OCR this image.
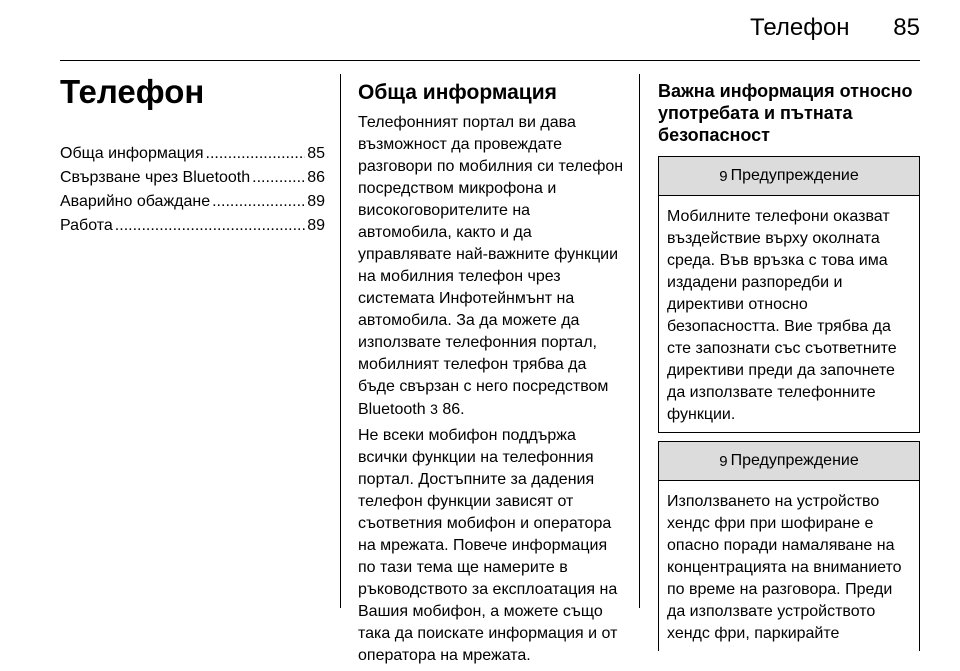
Телефон	85
Телефон
Обща информация .....	85
Свързване чрез Bluetooth .....	86
Аварийно обаждане .....	89
Работа .....	89
Обща информация
Телефонният портал ви дава
възможност да провеждате
разговори по мобилния си телефон
посредством микрофона и
високоговорителите на
автомобила, както и да
управлявате най-важните функции
на мобилния телефон чрез
системата Инфотейнмънт на
автомобила. За да можете да
използвате телефонния портал,
мобилният телефон трябва да
бъде свързан с него посредством
Bluetooth 3 86.
Не всеки мобифон поддържа
всички функции на телефонния
портал. Достъпните за дадения
телефон функции зависят от
съответния мобифон и оператора
на мрежата. Повече информация
по тази тема ще намерите в
ръководството за експлоатация на
Вашия мобифон, а можете също
така да поискате информация и от
оператора на мрежата.
Важна информация относно
употребата и пътната
безопасност
9 Предупреждение
Мобилните телефони оказват
въздействие върху околната
среда. Във връзка с това има
издадени разпоредби и
директиви относно
безопасността. Вие трябва да
сте запознати със съответните
директиви преди да започнете
да използвате телефонните
функции.
9 Предупреждение
Използването на устройство
хендс фри при шофиране е
опасно поради намаляване на
концентрацията на вниманието
по време на разговора. Преди
да използвате устройството
хендс фри, паркирайте
